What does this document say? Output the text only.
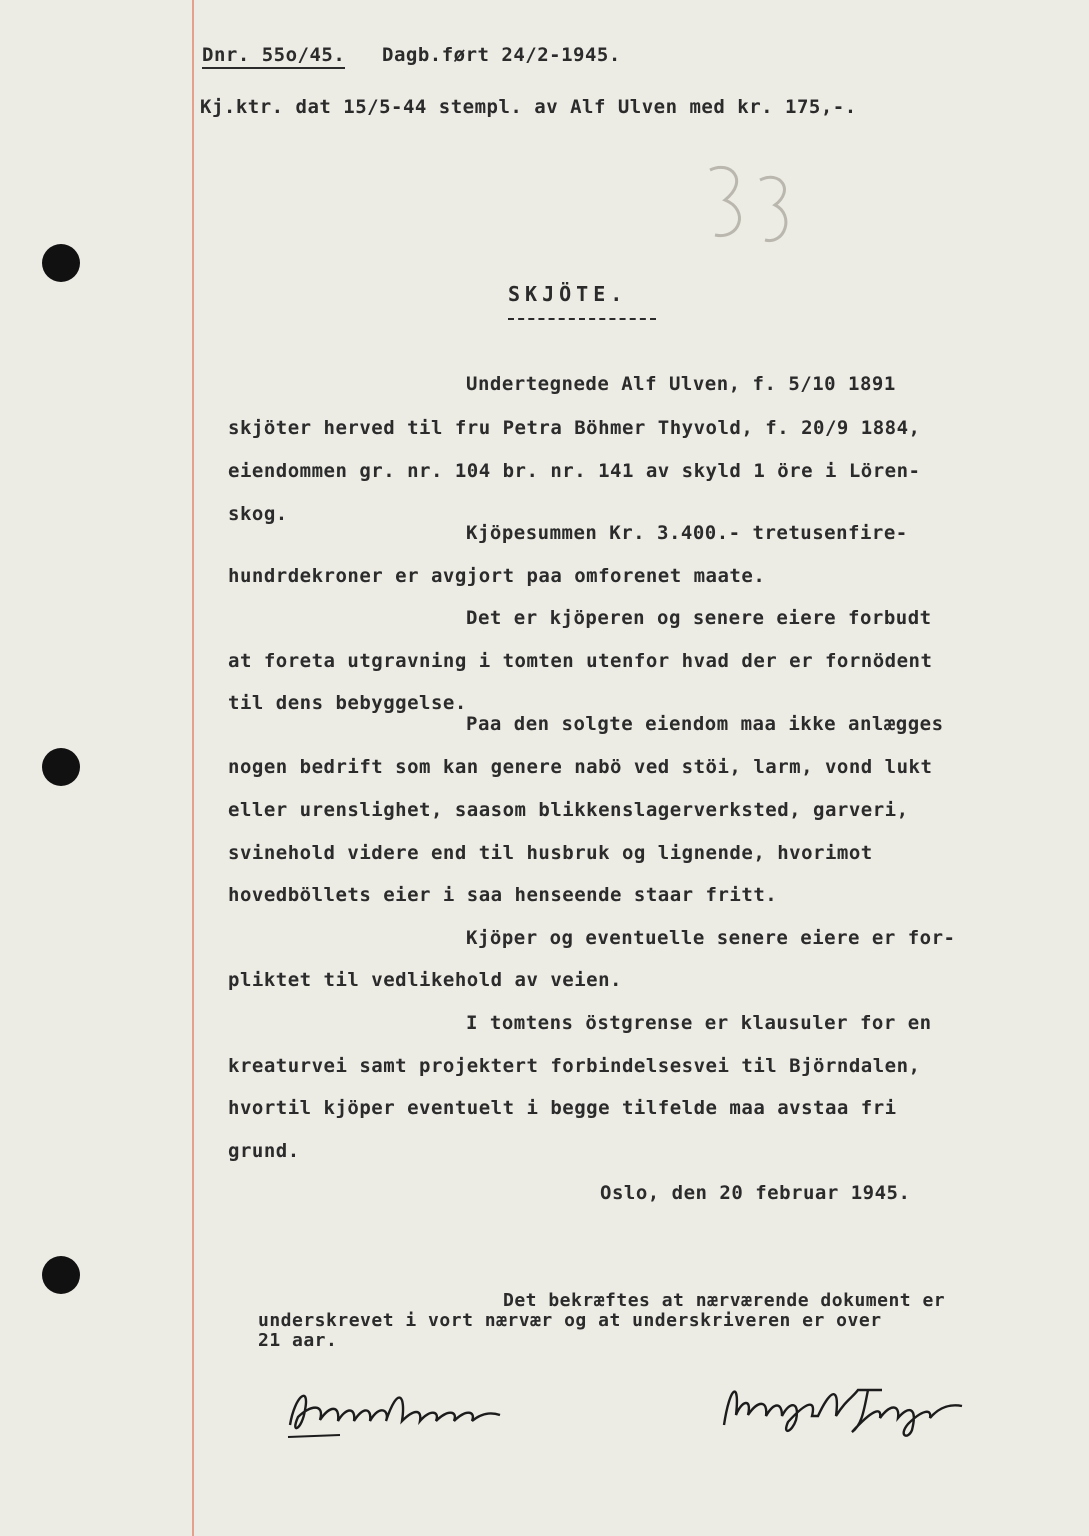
Dnr. 55o/45. Dagb.ført 24/2-1945.
Kj.ktr. dat 15/5-44 stempl. av Alf Ulven med kr. 175,-.
SKJÖTE.
Undertegnede Alf Ulven, f. 5/10 1891
skjöter herved til fru Petra Böhmer Thyvold, f. 20/9 1884,
eiendommen gr. nr. 104 br. nr. 141 av skyld 1 öre i Lören-
skog.
Kjöpesummen Kr. 3.400.- tretusenfire-
hundrdekroner er avgjort paa omforenet maate.
Det er kjöperen og senere eiere forbudt
at foreta utgravning i tomten utenfor hvad der er fornödent
til dens bebyggelse.
Paa den solgte eiendom maa ikke anlægges
nogen bedrift som kan genere nabö ved stöi, larm, vond lukt
eller urenslighet, saasom blikkenslagerverksted, garveri,
svinehold videre end til husbruk og lignende, hvorimot
hovedböllets eier i saa henseende staar fritt.
Kjöper og eventuelle senere eiere er for-
pliktet til vedlikehold av veien.
I tomtens östgrense er klausuler for en
kreaturvei samt projektert forbindelsesvei til Björndalen,
hvortil kjöper eventuelt i begge tilfelde maa avstaa fri
grund.
Oslo, den 20 februar 1945.
Det bekræftes at nærværende dokument er
underskrevet i vort nærvær og at underskriveren er over
21 aar.
